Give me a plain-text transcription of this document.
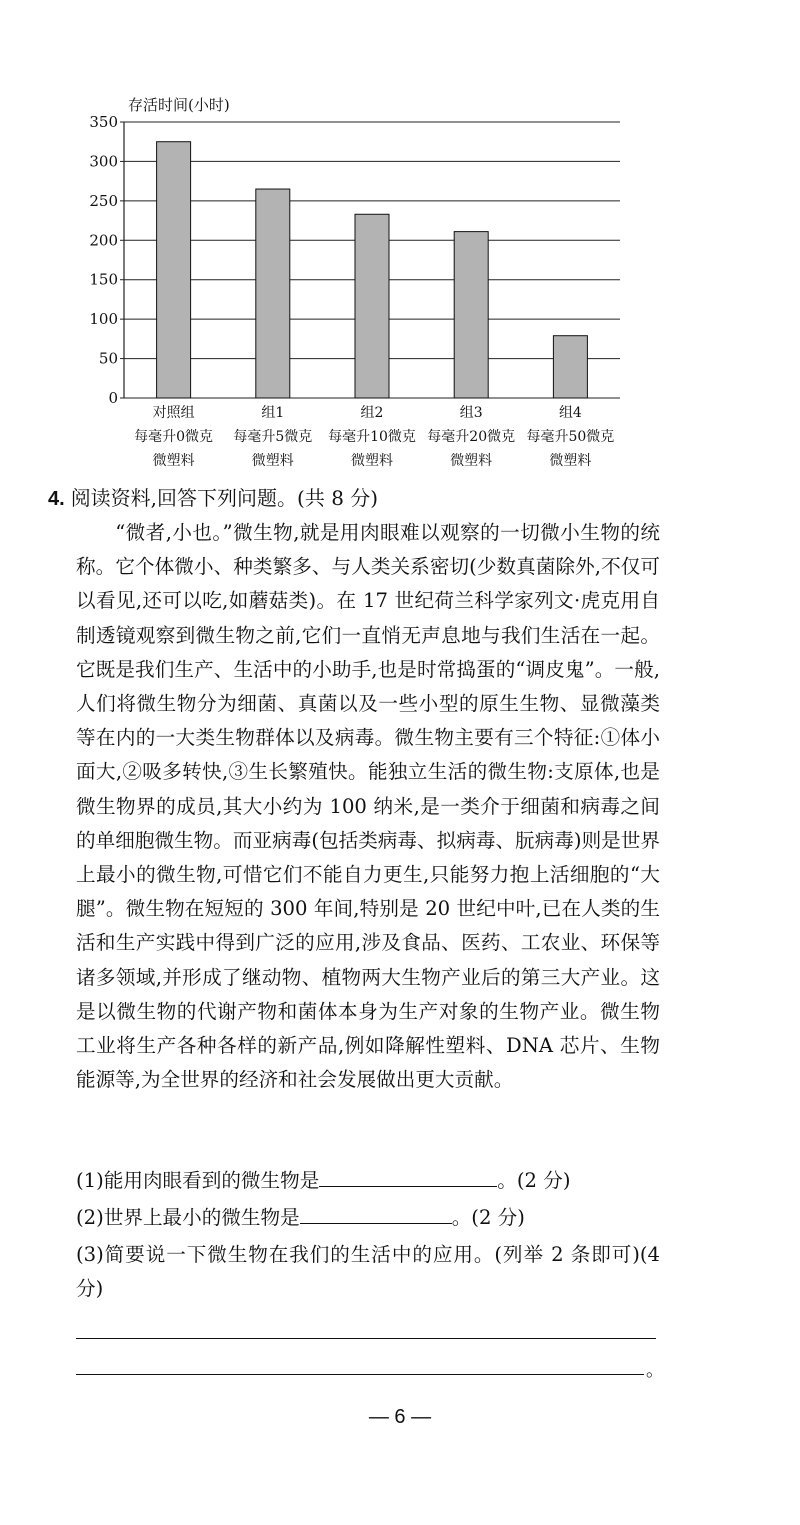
存活时间(小时)
0
50
100
150
200
250
300
350
对照组
每毫升0微克
微塑料
组1
每毫升5微克
微塑料
组2
每毫升10微克
微塑料
组3
每毫升20微克
微塑料
组4
每毫升50微克
微塑料
4. 阅读资料,回答下列问题。(共 8 分)

“微者,小也。”微生物,就是用肉眼难以观察的一切微小生物的统称。它个体微小、种类繁多、与人类关系密切(少数真菌除外,不仅可以看见,还可以吃,如蘑菇类)。在 17 世纪荷兰科学家列文·虎克用自制透镜观察到微生物之前,它们一直悄无声息地与我们生活在一起。它既是我们生产、生活中的小助手,也是时常捣蛋的“调皮鬼”。一般,人们将微生物分为细菌、真菌以及一些小型的原生生物、显微藻类等在内的一大类生物群体以及病毒。微生物主要有三个特征:①体小面大,②吸多转快,③生长繁殖快。能独立生活的微生物:支原体,也是微生物界的成员,其大小约为 100 纳米,是一类介于细菌和病毒之间的单细胞微生物。而亚病毒(包括类病毒、拟病毒、朊病毒)则是世界上最小的微生物,可惜它们不能自力更生,只能努力抱上活细胞的“大腿”。微生物在短短的 300 年间,特别是 20 世纪中叶,已在人类的生活和生产实践中得到广泛的应用,涉及食品、医药、工农业、环保等诸多领域,并形成了继动物、植物两大生物产业后的第三大产业。这是以微生物的代谢产物和菌体本身为生产对象的生物产业。微生物工业将生产各种各样的新产品,例如降解性塑料、DNA 芯片、生物能源等,为全世界的经济和社会发展做出更大贡献。

(1)能用肉眼看到的微生物是	。(2 分)
(2)世界上最小的微生物是	。(2 分)
(3)简要说一下微生物在我们的生活中的应用。(列举 2 条即可)(4 分)
。
— 6 —
